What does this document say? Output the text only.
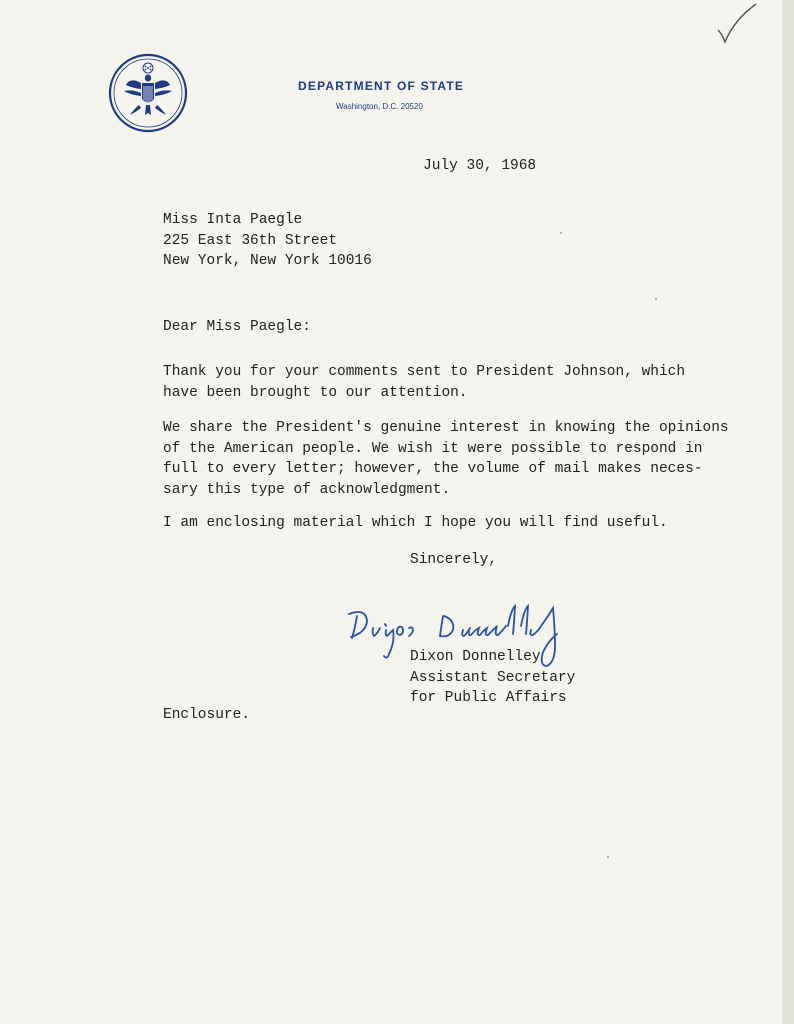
DEPARTMENT OF STATE
Washington, D.C. 20520
July 30, 1968
Miss Inta Paegle
225 East 36th Street
New York, New York 10016
Dear Miss Paegle:
Thank you for your comments sent to President Johnson, which
have been brought to our attention.
We share the President's genuine interest in knowing the opinions
of the American people. We wish it were possible to respond in
full to every letter; however, the volume of mail makes neces-
sary this type of acknowledgment.
I am enclosing material which I hope you will find useful.
Sincerely,
Dixon Donnelley
Assistant Secretary
for Public Affairs
Enclosure.
